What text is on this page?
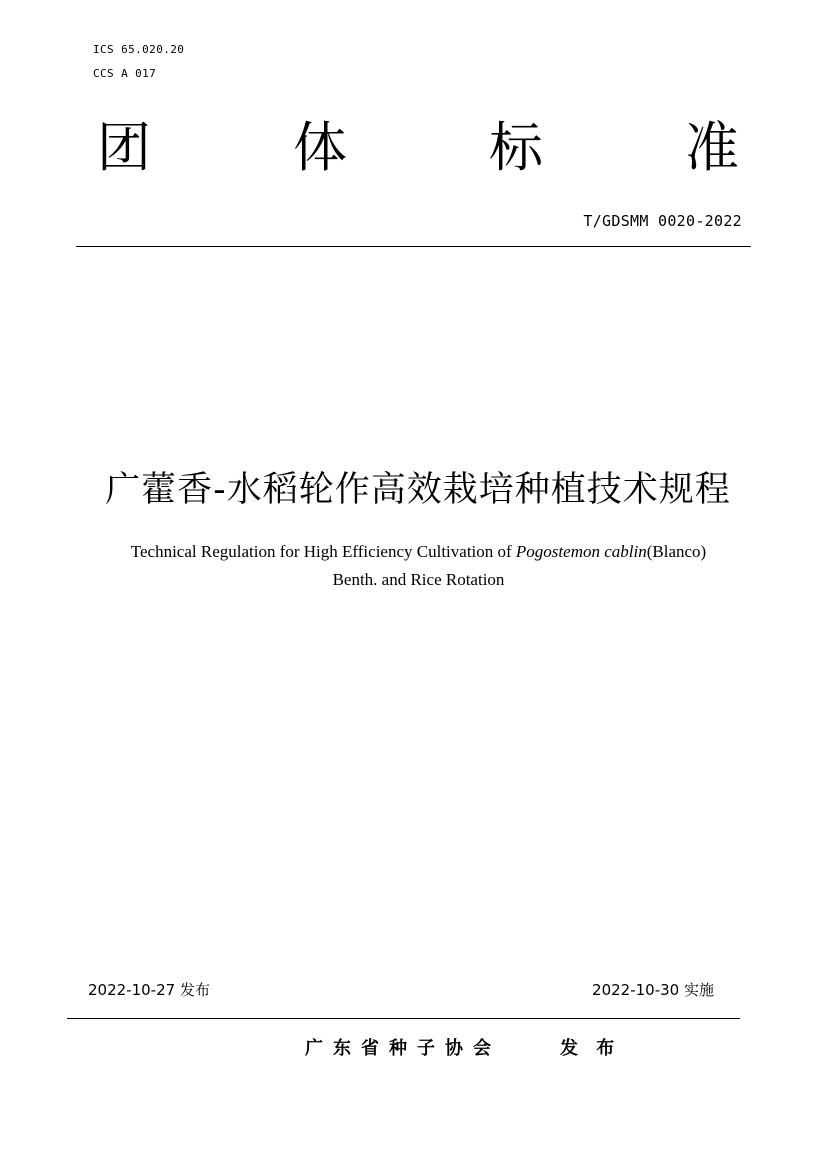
ICS 65.020.20
CCS A 017
团	体	标	准
T/GDSMM 0020-2022
广藿香-水稻轮作高效栽培种植技术规程
Technical Regulation for High Efficiency Cultivation of Pogostemon cablin(Blanco)
Benth. and Rice Rotation
2022-10-27 发布	2022-10-30 实施
广东省种子协会	发 布
